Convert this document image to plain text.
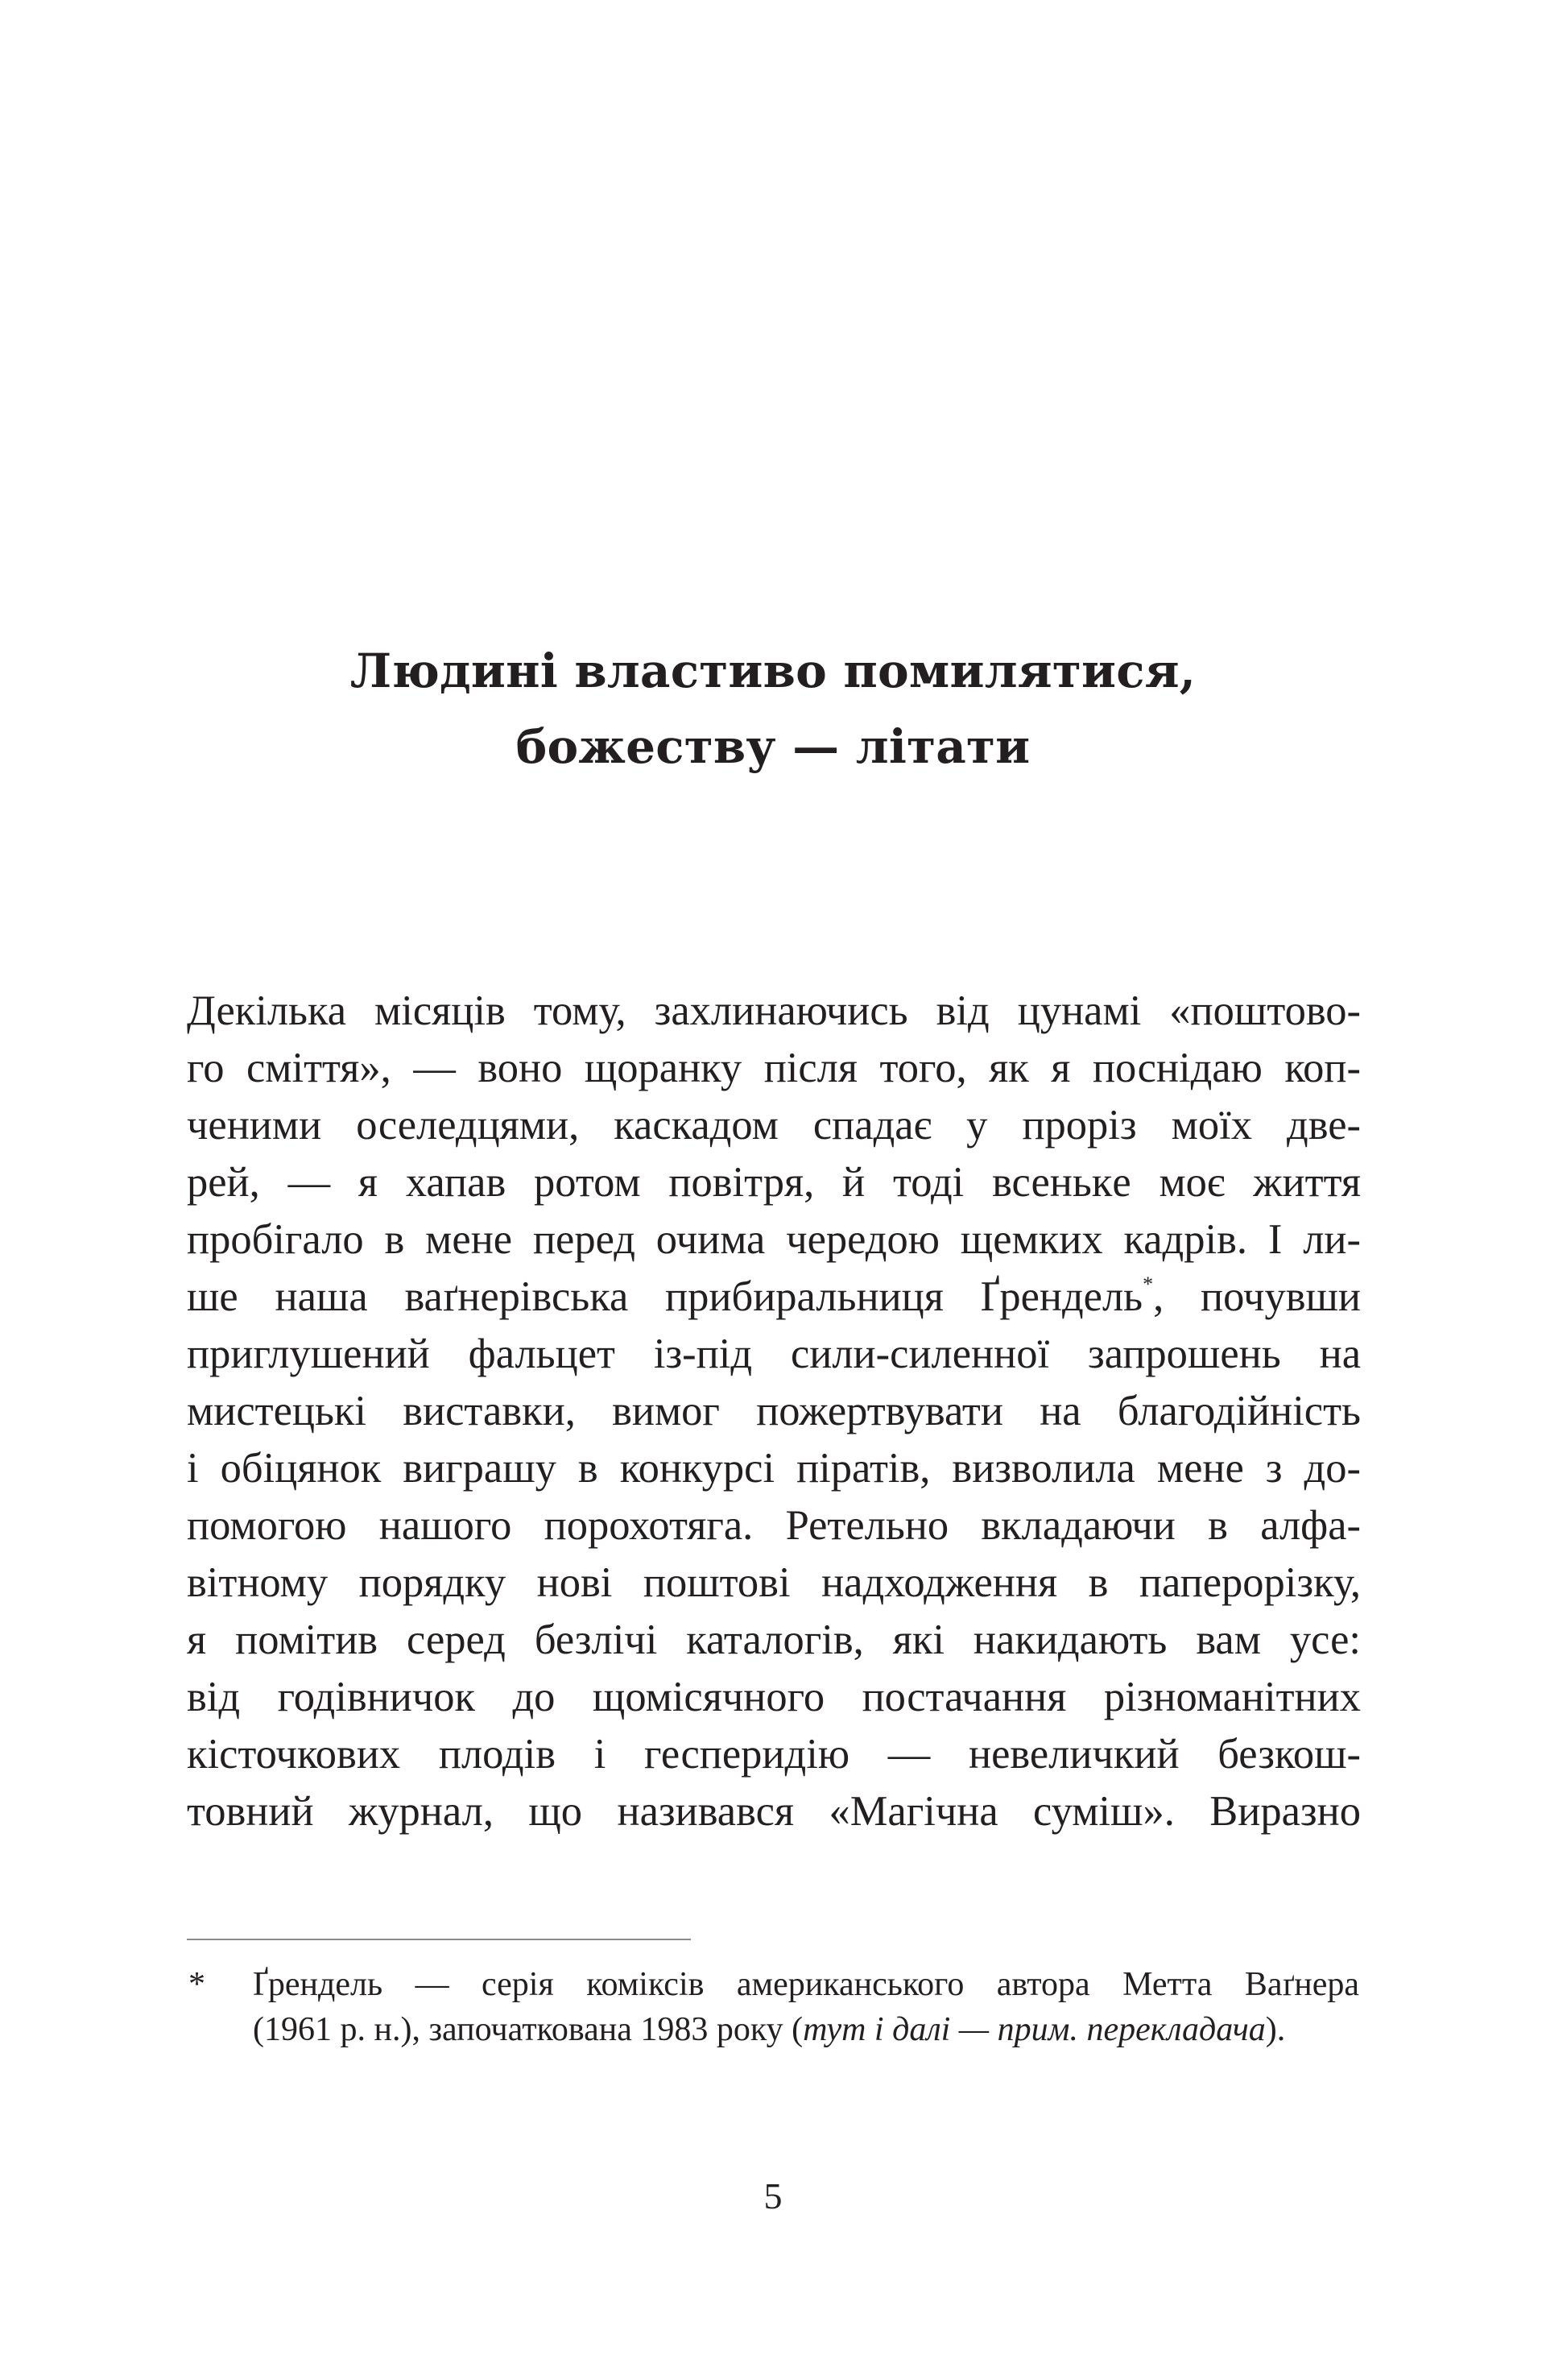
Людині властиво помилятися,
божеству — літати
Декілька місяців тому, захлинаючись від цунамі «поштово-
го сміття», — воно щоранку після того, як я поснідаю коп-
ченими оселедцями, каскадом спадає у проріз моїх две-
рей, — я хапав ротом повітря, й тоді всенькe моє життя
пробігало в мене перед очима чередою щемких кадрів. І ли-
ше наша ваґнерівська прибиральниця Ґрендель*, почувши
приглушений фальцет із-під сили-силенної запрошень на
мистецькі виставки, вимог пожертвувати на благодійність
і обіцянок виграшу в конкурсі піратів, визволила мене з до-
помогою нашого порохотяга. Ретельно вкладаючи в алфа-
вітному порядку нові поштові надходження в паперорізку,
я помітив серед безлічі каталогів, які накидають вам усе:
від годівничок до щомісячного постачання різноманітних
кісточкових плодів і гесперидію — невеличкий безкош-
товний журнал, що називався «Магічна суміш». Виразно
*	Ґрендель — серія коміксів американського автора Метта Ваґнера
(1961 р. н.), започаткована 1983 року (тут і далі — прим. перекладача).
5
